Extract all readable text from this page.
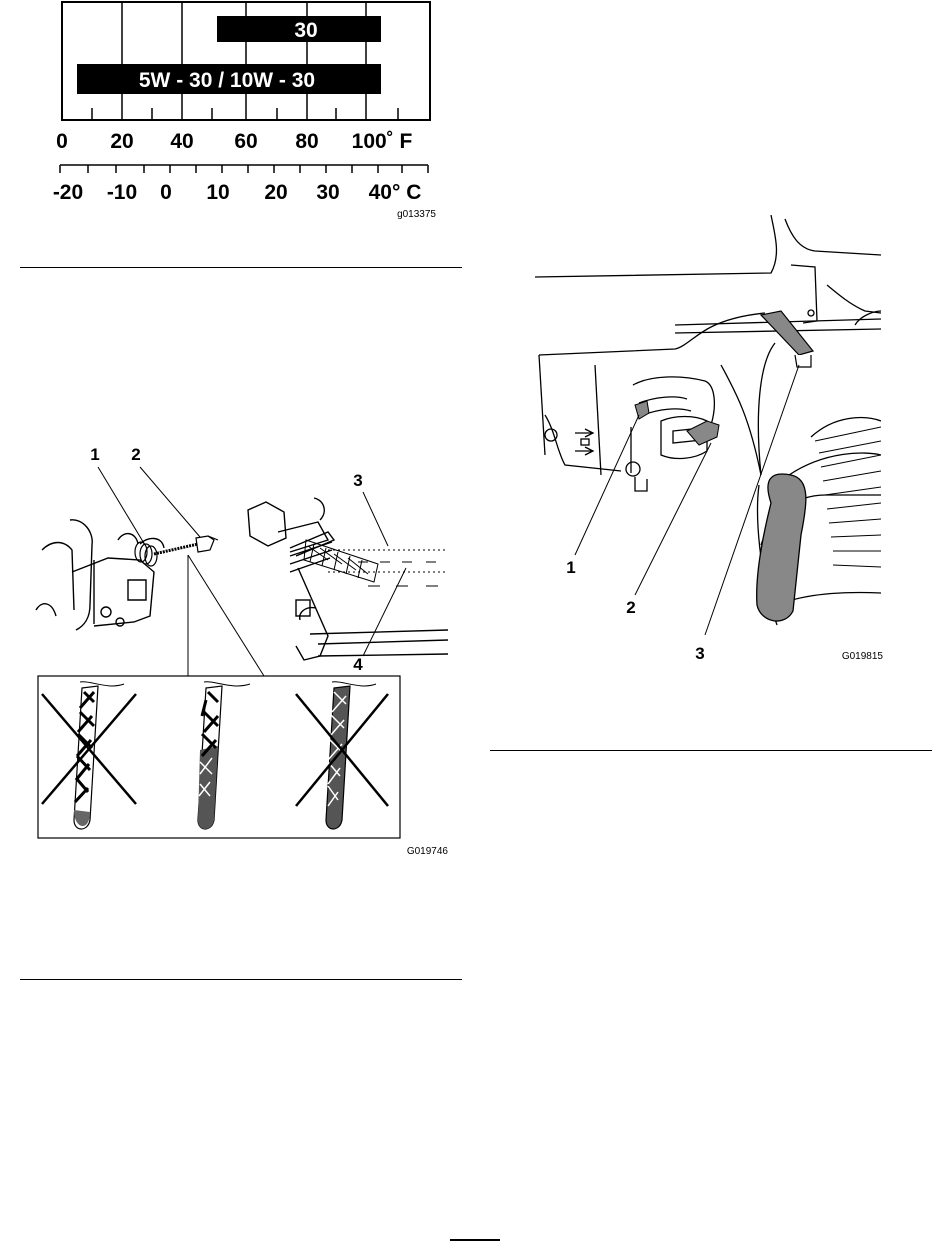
30
5W - 30 / 10W - 30
0 20 40 60 80 100˚ F
-20 -10 0 10 20 30 40° C
g013375
1 2
3
4
G019746
1
2
3	G019815
